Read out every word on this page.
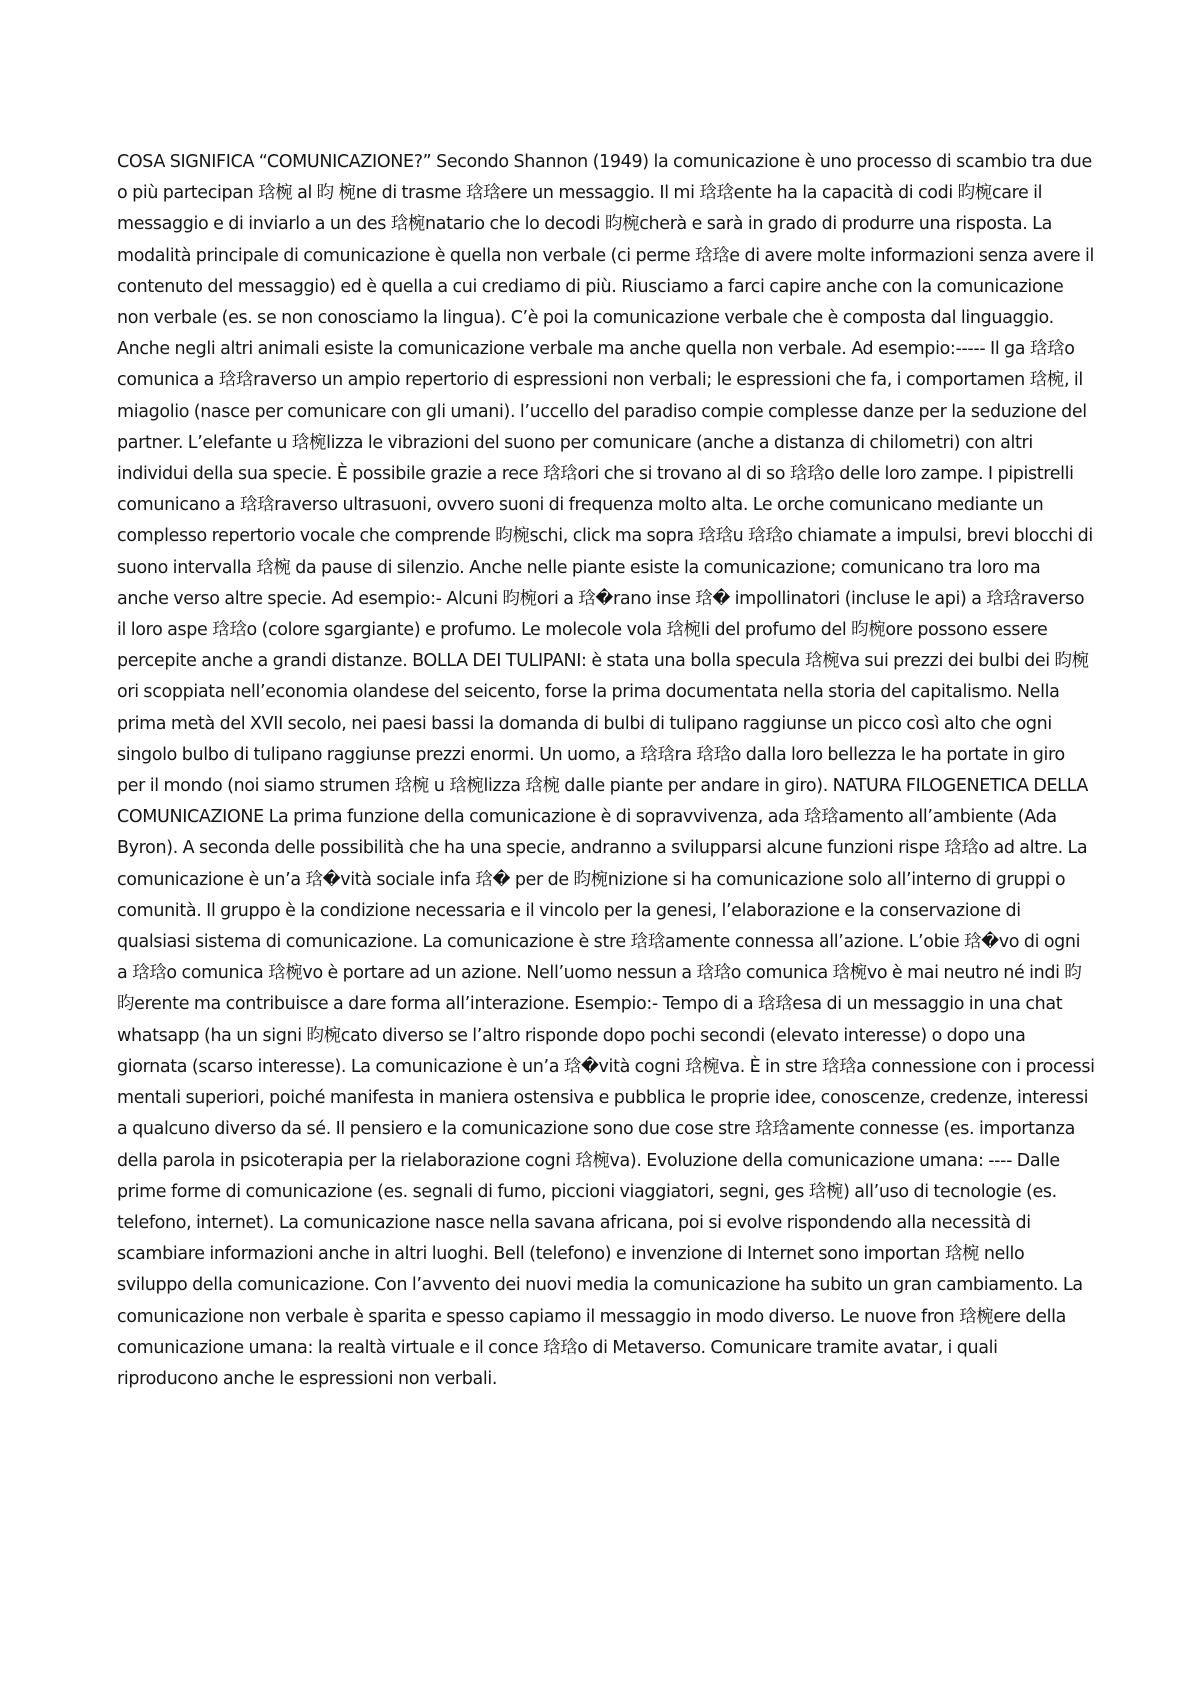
COSA SIGNIFICA “COMUNICAZIONE?” Secondo Shannon (1949) la comunicazione è uno processo di scambio tra due o più partecipan 琀椀 al 昀 椀ne di trasme 琀琀ere un messaggio. Il mi 琀琀ente ha la capacità di codi 昀椀care il messaggio e di inviarlo a un des 琀椀natario che lo decodi 昀椀cherà e sarà in grado di produrre una risposta. La modalità principale di comunicazione è quella non verbale (ci perme 琀琀e di avere molte informazioni senza avere il contenuto del messaggio) ed è quella a cui crediamo di più. Riusciamo a farci capire anche con la comunicazione non verbale (es. se non conosciamo la lingua). C’è poi la comunicazione verbale che è composta dal linguaggio. Anche negli altri animali esiste la comunicazione verbale ma anche quella non verbale. Ad esempio:----- Il ga 琀琀o comunica a 琀琀raverso un ampio repertorio di espressioni non verbali; le espressioni che fa, i comportamen 琀椀, il miagolio (nasce per comunicare con gli umani). l’uccello del paradiso compie complesse danze per la seduzione del partner. L’elefante u 琀椀lizza le vibrazioni del suono per comunicare (anche a distanza di chilometri) con altri individui della sua specie. È possibile grazie a rece 琀琀ori che si trovano al di so 琀琀o delle loro zampe. I pipistrelli comunicano a 琀琀raverso ultrasuoni, ovvero suoni di frequenza molto alta. Le orche comunicano mediante un complesso repertorio vocale che comprende 昀椀schi, click ma sopra 琀琀u 琀琀o chiamate a impulsi, brevi blocchi di suono intervalla 琀椀 da pause di silenzio. Anche nelle piante esiste la comunicazione; comunicano tra loro ma anche verso altre specie. Ad esempio:- Alcuni 昀椀ori a 琀�rano inse 琀� impollinatori (incluse le api) a 琀琀raverso il loro aspe 琀琀o (colore sgargiante) e profumo. Le molecole vola 琀椀li del profumo del 昀椀ore possono essere percepite anche a grandi distanze. BOLLA DEI TULIPANI: è stata una bolla specula 琀椀va sui prezzi dei bulbi dei 昀椀ori scoppiata nell’economia olandese del seicento, forse la prima documentata nella storia del capitalismo. Nella prima metà del XVII secolo, nei paesi bassi la domanda di bulbi di tulipano raggiunse un picco così alto che ogni singolo bulbo di tulipano raggiunse prezzi enormi. Un uomo, a 琀琀ra 琀琀o dalla loro bellezza le ha portate in giro per il mondo (noi siamo strumen 琀椀 u 琀椀lizza 琀椀 dalle piante per andare in giro). NATURA FILOGENETICA DELLA COMUNICAZIONE La prima funzione della comunicazione è di sopravvivenza, ada 琀琀amento all’ambiente (Ada Byron). A seconda delle possibilità che ha una specie, andranno a svilupparsi alcune funzioni rispe 琀琀o ad altre. La comunicazione è un’a 琀�vità sociale infa 琀� per de 昀椀nizione si ha comunicazione solo all’interno di gruppi o comunità. Il gruppo è la condizione necessaria e il vincolo per la genesi, l’elaborazione e la conservazione di qualsiasi sistema di comunicazione. La comunicazione è stre 琀琀amente connessa all’azione. L’obie 琀�vo di ogni a 琀琀o comunica 琀椀vo è portare ad un azione. Nell’uomo nessun a 琀琀o comunica 琀椀vo è mai neutro né indi 昀昀erente ma contribuisce a dare forma all’interazione. Esempio:- Tempo di a 琀琀esa di un messaggio in una chat whatsapp (ha un signi 昀椀cato diverso se l’altro risponde dopo pochi secondi (elevato interesse) o dopo una giornata (scarso interesse). La comunicazione è un’a 琀�vità cogni 琀椀va. È in stre 琀琀a connessione con i processi mentali superiori, poiché manifesta in maniera ostensiva e pubblica le proprie idee, conoscenze, credenze, interessi a qualcuno diverso da sé. Il pensiero e la comunicazione sono due cose stre 琀琀amente connesse (es. importanza della parola in psicoterapia per la rielaborazione cogni 琀椀va). Evoluzione della comunicazione umana: ---- Dalle prime forme di comunicazione (es. segnali di fumo, piccioni viaggiatori, segni, ges 琀椀) all’uso di tecnologie (es. telefono, internet). La comunicazione nasce nella savana africana, poi si evolve rispondendo alla necessità di scambiare informazioni anche in altri luoghi. Bell (telefono) e invenzione di Internet sono importan 琀椀 nello sviluppo della comunicazione. Con l’avvento dei nuovi media la comunicazione ha subito un gran cambiamento. La comunicazione non verbale è sparita e spesso capiamo il messaggio in modo diverso. Le nuove fron 琀椀ere della comunicazione umana: la realtà virtuale e il conce 琀琀o di Metaverso. Comunicare tramite avatar, i quali riproducono anche le espressioni non verbali.
